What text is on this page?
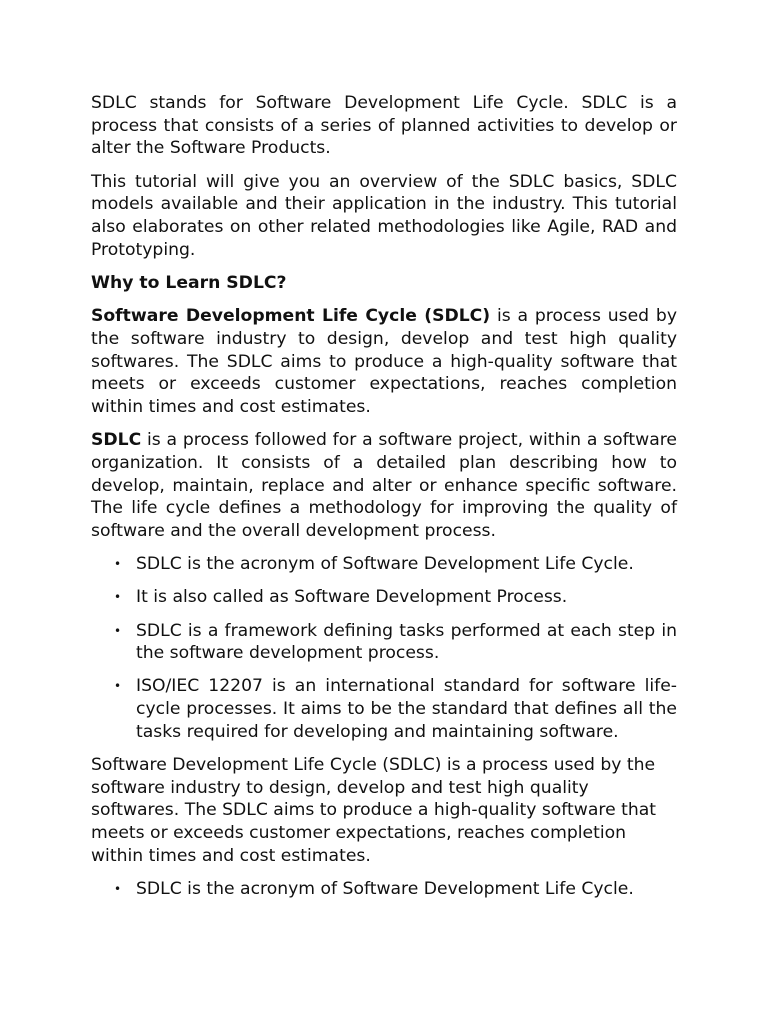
SDLC stands for Software Development Life Cycle. SDLC is a process that consists of a series of planned activities to develop or alter the Software Products.

This tutorial will give you an overview of the SDLC basics, SDLC models available and their application in the industry. This tutorial also elaborates on other related methodologies like Agile, RAD and Prototyping.

Why to Learn SDLC?

Software Development Life Cycle (SDLC) is a process used by the software industry to design, develop and test high quality softwares. The SDLC aims to produce a high-quality software that meets or exceeds customer expectations, reaches completion within times and cost estimates.

SDLC is a process followed for a software project, within a software organization. It consists of a detailed plan describing how to develop, maintain, replace and alter or enhance specific software. The life cycle defines a methodology for improving the quality of software and the overall development process.

• SDLC is the acronym of Software Development Life Cycle.
• It is also called as Software Development Process.
• SDLC is a framework defining tasks performed at each step in the software development process.
• ISO/IEC 12207 is an international standard for software life-cycle processes. It aims to be the standard that defines all the tasks required for developing and maintaining software.

Software Development Life Cycle (SDLC) is a process used by the software industry to design, develop and test high quality softwares. The SDLC aims to produce a high-quality software that meets or exceeds customer expectations, reaches completion within times and cost estimates.

• SDLC is the acronym of Software Development Life Cycle.
